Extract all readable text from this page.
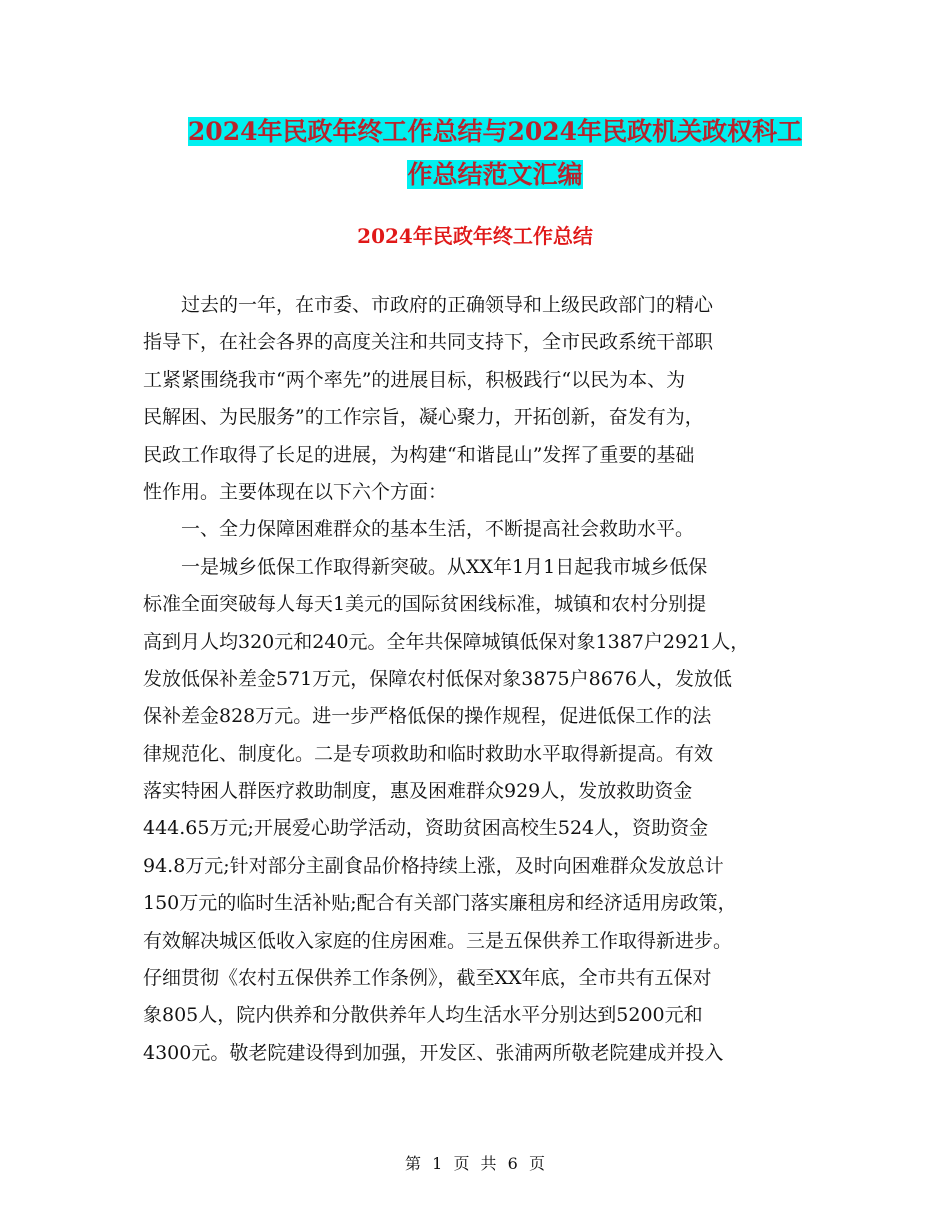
2024年民政年终工作总结与2024年民政机关政权科工
作总结范文汇编
2024年民政年终工作总结
过去的一年，在市委、市政府的正确领导和上级民政部门的精心
指导下，在社会各界的高度关注和共同支持下，全市民政系统干部职
工紧紧围绕我市“两个率先”的进展目标，积极践行“以民为本、为
民解困、为民服务”的工作宗旨，凝心聚力，开拓创新，奋发有为，
民政工作取得了长足的进展，为构建“和谐昆山”发挥了重要的基础
性作用。主要体现在以下六个方面：
一、全力保障困难群众的基本生活，不断提高社会救助水平。
一是城乡低保工作取得新突破。从XX年1月1日起我市城乡低保
标准全面突破每人每天1美元的国际贫困线标准，城镇和农村分别提
高到月人均320元和240元。全年共保障城镇低保对象1387户2921人，
发放低保补差金571万元，保障农村低保对象3875户8676人，发放低
保补差金828万元。进一步严格低保的操作规程，促进低保工作的法
律规范化、制度化。二是专项救助和临时救助水平取得新提高。有效
落实特困人群医疗救助制度，惠及困难群众929人，发放救助资金
444.65万元;开展爱心助学活动，资助贫困高校生524人，资助资金
94.8万元;针对部分主副食品价格持续上涨，及时向困难群众发放总计
150万元的临时生活补贴;配合有关部门落实廉租房和经济适用房政策，
有效解决城区低收入家庭的住房困难。三是五保供养工作取得新进步。
仔细贯彻《农村五保供养工作条例》，截至XX年底，全市共有五保对
象805人，院内供养和分散供养年人均生活水平分别达到5200元和
4300元。敬老院建设得到加强，开发区、张浦两所敬老院建成并投入
第 1 页 共 6 页
